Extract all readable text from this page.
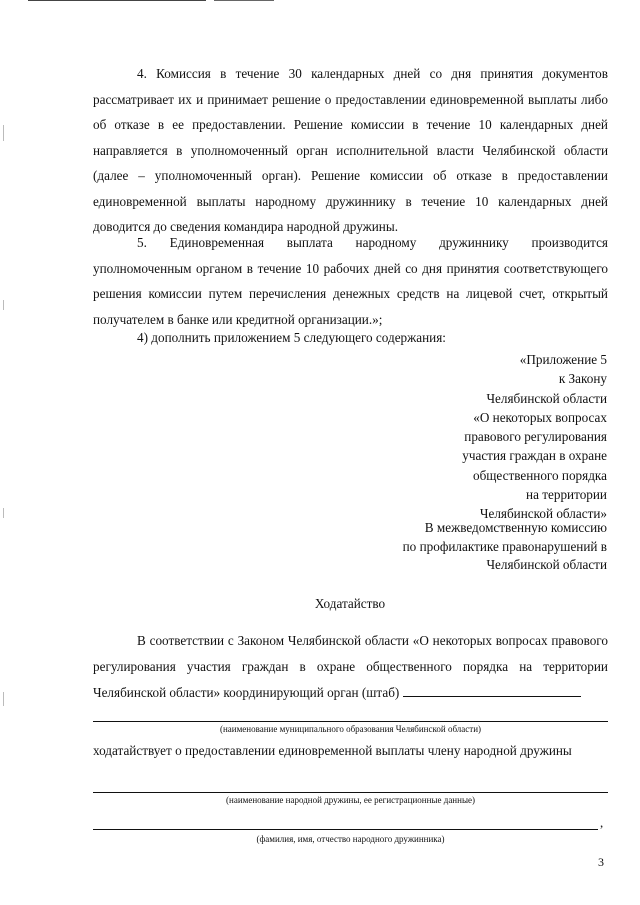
4. Комиссия в течение 30 календарных дней со дня принятия документов рассматривает их и принимает решение о предоставлении единовременной выплаты либо об отказе в ее предоставлении. Решение комиссии в течение 10 календарных дней направляется в уполномоченный орган исполнительной власти Челябинской области (далее – уполномоченный орган). Решение комиссии об отказе в предоставлении единовременной выплаты народному дружиннику в течение 10 календарных дней доводится до сведения командира народной дружины.

5. Единовременная выплата народному дружиннику производится уполномоченным органом в течение 10 рабочих дней со дня принятия соответствующего решения комиссии путем перечисления денежных средств на лицевой счет, открытый получателем в банке или кредитной организации.»;

4) дополнить приложением 5 следующего содержания:

«Приложение 5
к Закону
Челябинской области
«О некоторых вопросах
правового регулирования
участия граждан в охране
общественного порядка
на территории
Челябинской области»
В межведомственную комиссию
по профилактике правонарушений в
Челябинской области
Ходатайство

В соответствии с Законом Челябинской области «О некоторых вопросах правового регулирования участия граждан в охране общественного порядка на территории Челябинской области» координирующий орган (штаб)

(наименование муниципального образования Челябинской области)
ходатайствует о предоставлении единовременной выплаты члену народной дружины
(наименование народной дружины, ее регистрационные данные)
,
(фамилия, имя, отчество народного дружинника)
3
